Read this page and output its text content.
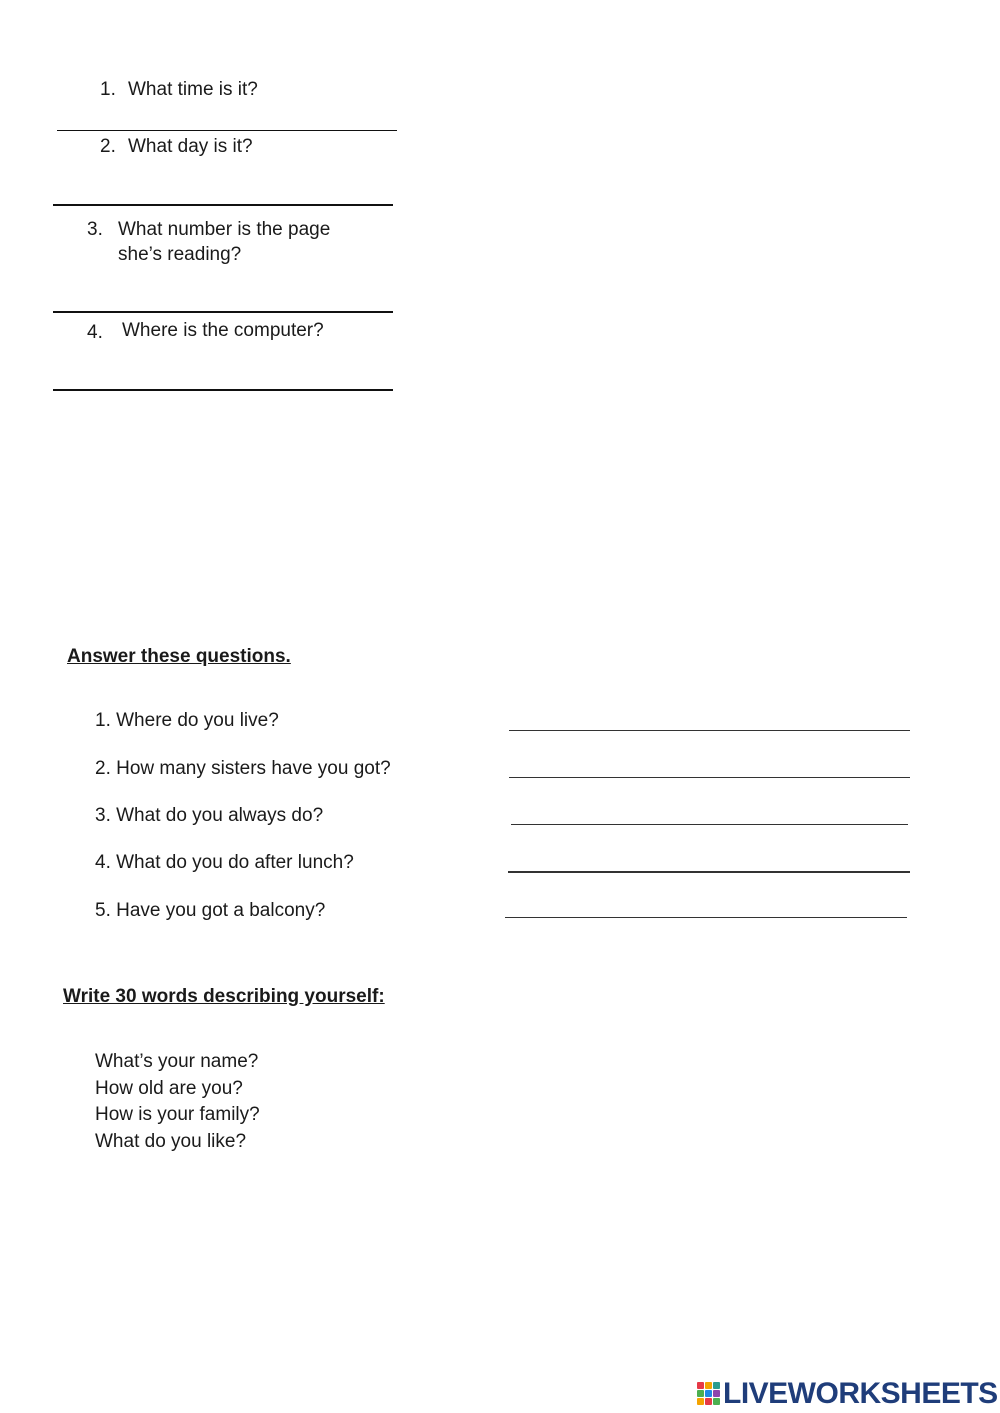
1. What time is it?
2. What day is it?
3. What number is the page
she’s reading?
4. Where is the computer?
Answer these questions.
1. Where do you live?
2. How many sisters have you got?
3. What do you always do?
4. What do you do after lunch?
5. Have you got a balcony?
Write 30 words describing yourself:
What’s your name?
How old are you?
How is your family?
What do you like?
LIVEWORKSHEETS
